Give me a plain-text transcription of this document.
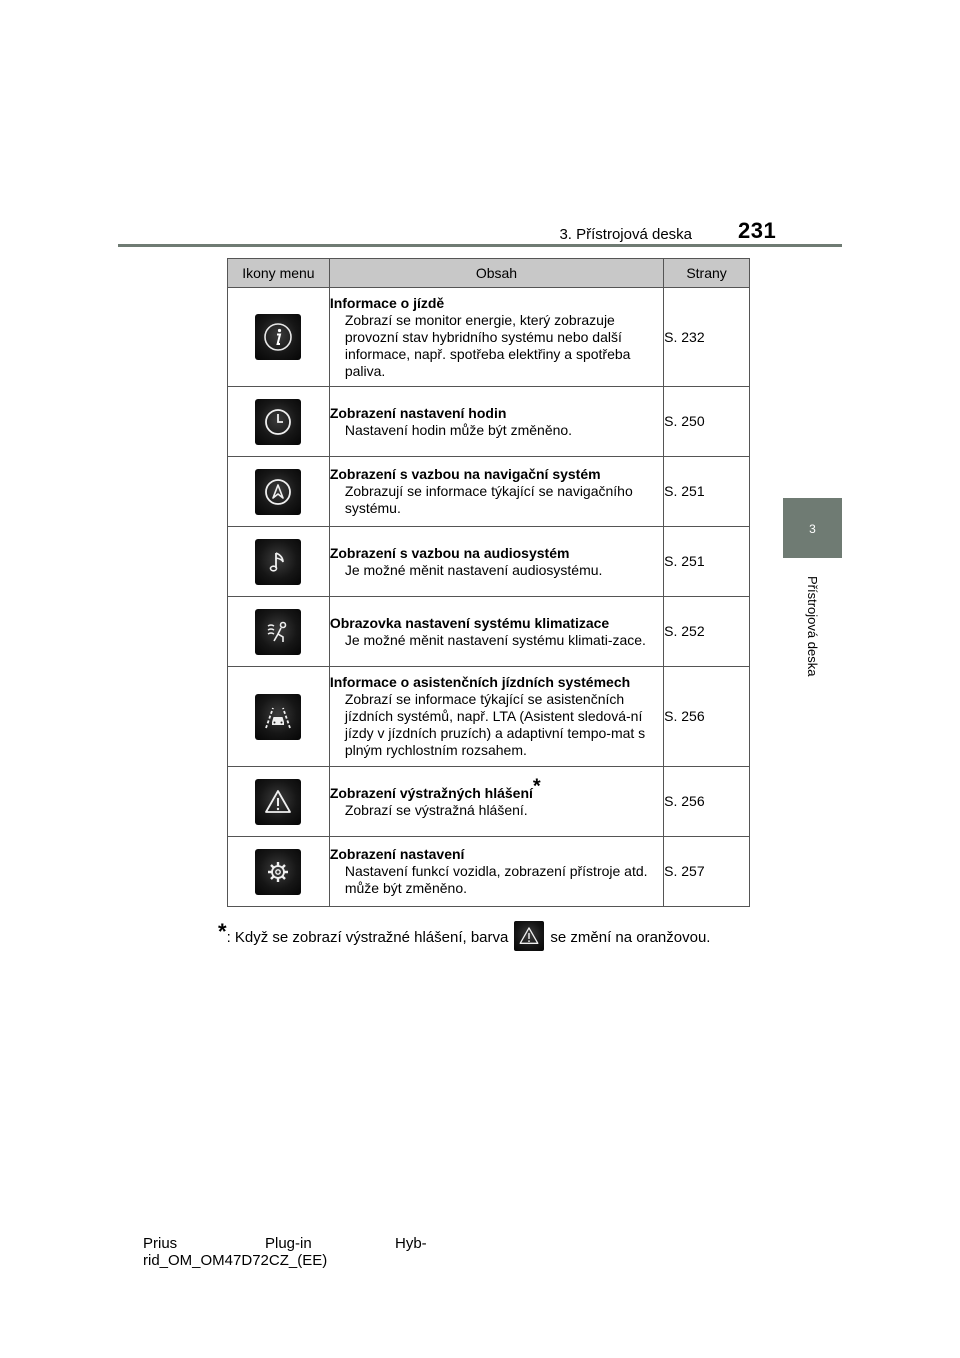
3. Přístrojová deska 231
3
Přístrojová deska
Ikony menu	Obsah	Strany

Informace o jízdě
Zobrazí se monitor energie, který zobrazuje provozní stav hybridního systému nebo další informace, např. spotřeba elektřiny a spotřeba paliva.	S. 232

Zobrazení nastavení hodin
Nastavení hodin může být změněno.	S. 250

Zobrazení s vazbou na navigační systém
Zobrazují se informace týkající se navigačního systému.	S. 251

Zobrazení s vazbou na audiosystém
Je možné měnit nastavení audiosystému.	S. 251

Obrazovka nastavení systému klimatizace
Je možné měnit nastavení systému klimati-zace.	S. 252

Informace o asistenčních jízdních systémech
Zobrazí se informace týkající se asistenčních jízdních systémů, např. LTA (Asistent sledová-ní jízdy v jízdních pruzích) a adaptivní tempo-mat s plným rychlostním rozsahem.	S. 256

Zobrazení výstražných hlášení*
Zobrazí se výstražná hlášení.	S. 256

Zobrazení nastavení
Nastavení funkcí vozidla, zobrazení přístroje atd. může být změněno.	S. 257
*: Když se zobrazí výstražné hlášení, barva	se změní na oranžovou.
Prius	Plug-in	Hyb-
rid_OM_OM47D72CZ_(EE)
